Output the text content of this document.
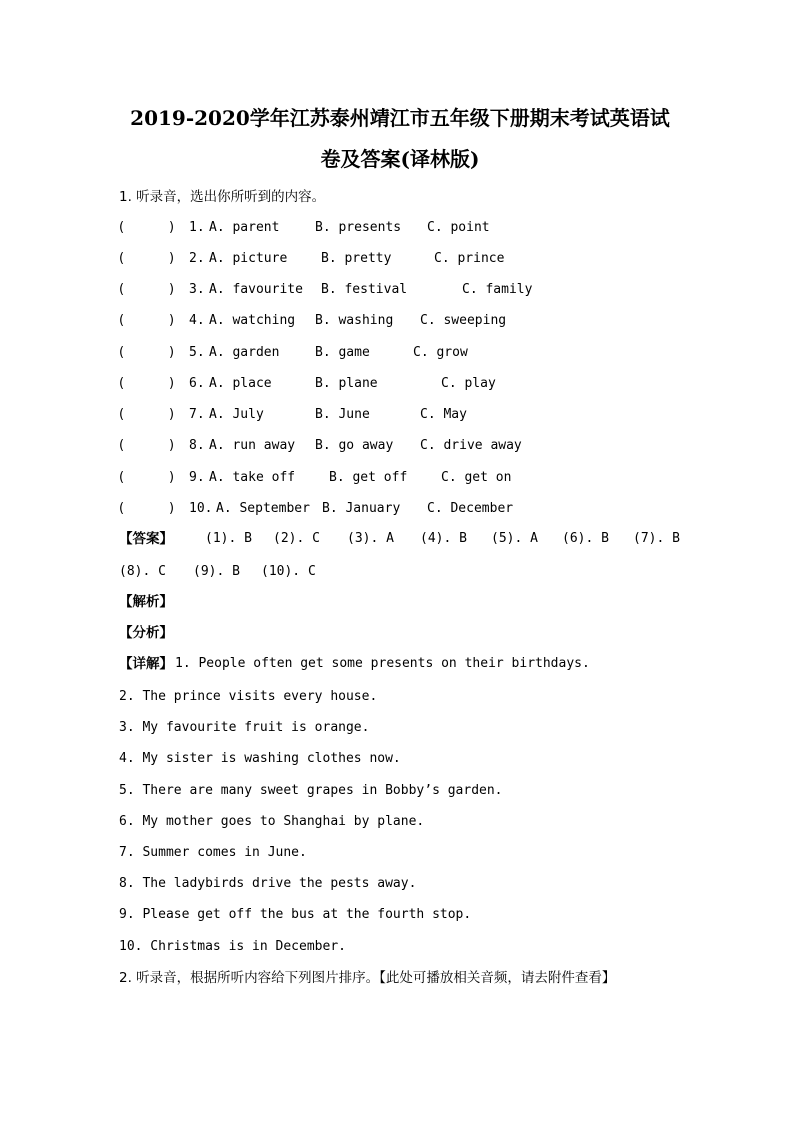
2019-2020学年江苏泰州靖江市五年级下册期末考试英语试
卷及答案(译林版)
1. 听录音，选出你所听到的内容。
(	) 1. A. parent	B. presents C. point
(	) 2. A. picture	B. pretty	C. prince
(	) 3. A. favourite B. festival	C. family
(	) 4. A. watching B. washing C. sweeping
(	) 5. A. garden	B. game	C. grow
(	) 6. A. place	B. plane	C. play
(	) 7. A. July	B. June	C. May
(	) 8. A. run away B. go away C. drive away
(	) 9. A. take off	B. get off	C. get on
(	) 10. A. September B. January C. December
【答案】 (1). B (2). C (3). A (4). B (5). A (6). B (7). B
(8). C (9). B (10). C
【解析】
【分析】
【详解】 1. People often get some presents on their birthdays.
2. The prince visits every house.
3. My favourite fruit is orange.
4. My sister is washing clothes now.
5. There are many sweet grapes in Bobby’s garden.
6. My mother goes to Shanghai by plane.
7. Summer comes in June.
8. The ladybirds drive the pests away.
9. Please get off the bus at the fourth stop.
10. Christmas is in December.
2. 听录音，根据所听内容给下列图片排序。【此处可播放相关音频，请去附件查看】
